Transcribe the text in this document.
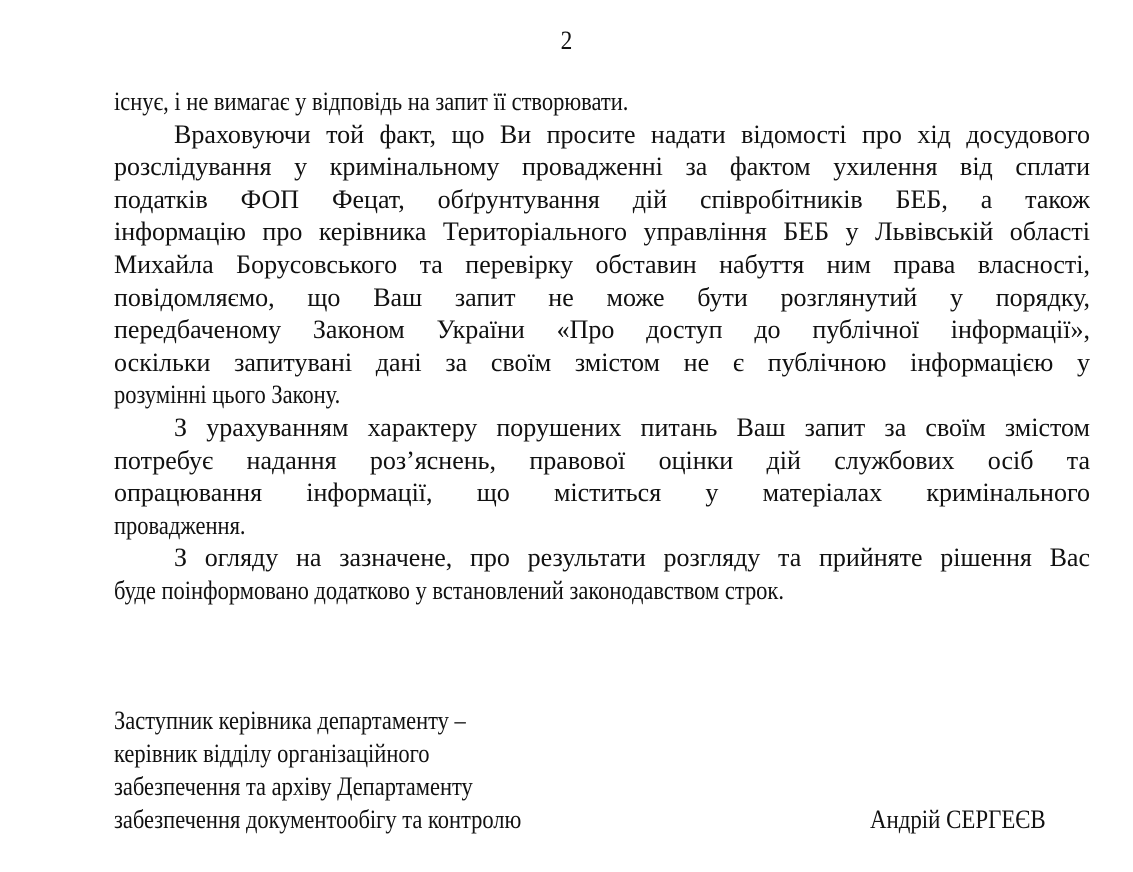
2
існує, і не вимагає у відповідь на запит її створювати.
Враховуючи той факт, що Ви просите надати відомості про хід досудового
розслідування у кримінальному провадженні за фактом ухилення від сплати
податків ФОП Фецат, обґрунтування дій співробітників БЕБ, а також
інформацію про керівника Територіального управління БЕБ у Львівській області
Михайла Борусовського та перевірку обставин набуття ним права власності,
повідомляємо, що Ваш запит не може бути розглянутий у порядку,
передбаченому Законом України «Про доступ до публічної інформації»,
оскільки запитувані дані за своїм змістом не є публічною інформацією у
розумінні цього Закону.
З урахуванням характеру порушених питань Ваш запит за своїм змістом
потребує надання роз’яснень, правової оцінки дій службових осіб та
опрацювання інформації, що міститься у матеріалах кримінального
провадження.
З огляду на зазначене, про результати розгляду та прийняте рішення Вас
буде поінформовано додатково у встановлений законодавством строк.
Заступник керівника департаменту –
керівник відділу організаційного
забезпечення та архіву Департаменту
забезпечення документообігу та контролю	Андрій СЕРГЕЄВ
